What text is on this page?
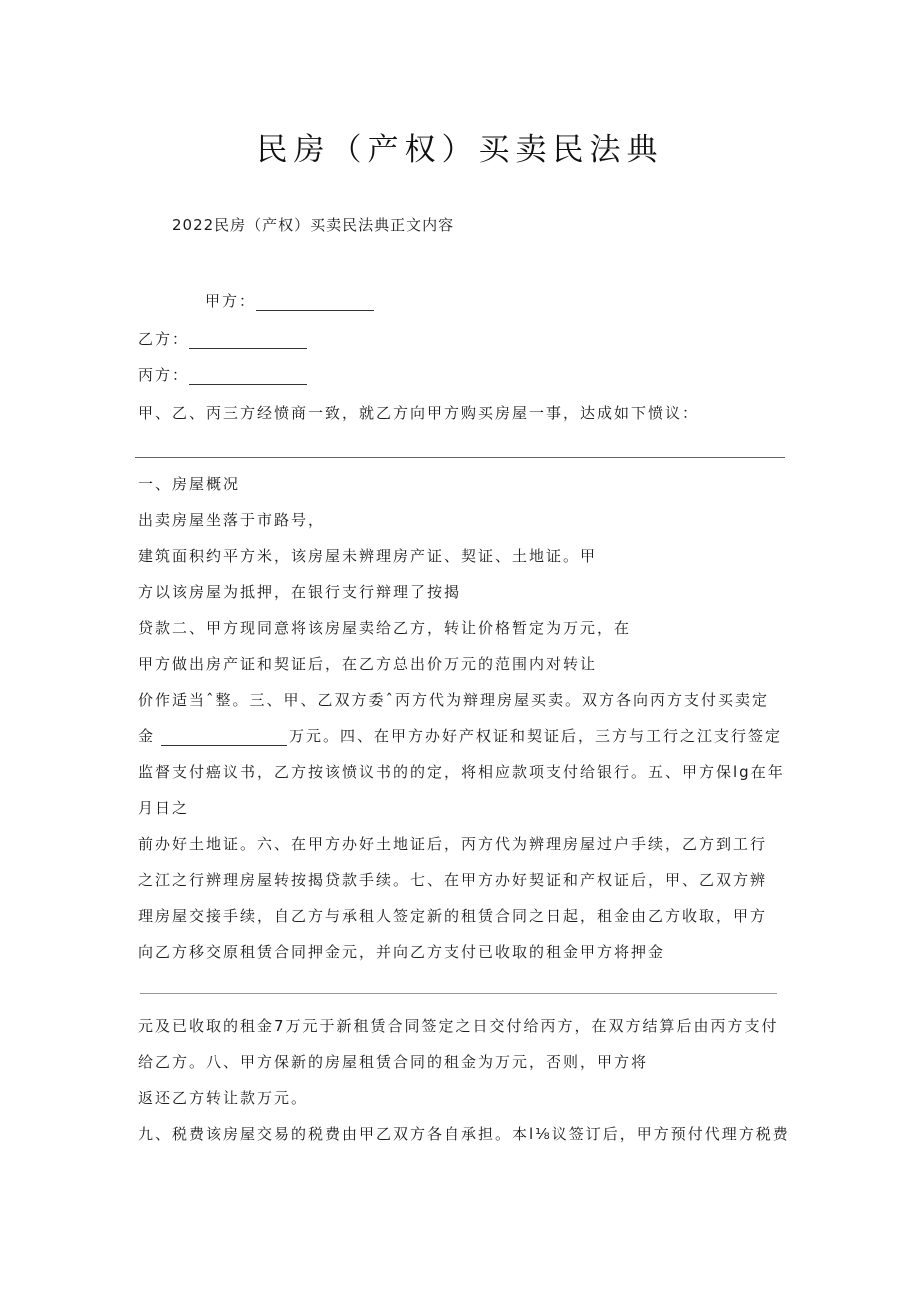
民房（产权）买卖民法典
2022民房（产权）买卖民法典正文内容
甲方：
乙方：
丙方：
甲、乙、丙三方经愤商一致，就乙方向甲方购买房屋一事，达成如下愤议：
一、房屋概况
出卖房屋坐落于市路号，
建筑面积约平方米，该房屋未辨理房产证、契证、土地证。甲
方以该房屋为抵押，在银行支行辩理了按揭
贷款二、甲方现同意将该房屋卖给乙方，转让价格暂定为万元，在
甲方做出房产证和契证后，在乙方总出价万元的范围内对转让
价作适当ˆ整。三、甲、乙双方委ˆ丙方代为辩理房屋买卖。双方各向丙方支付买卖定
金	万元。四、在甲方办好产权证和契证后，三方与工行之江支行签定
监督支付癌议书，乙方按该愤议书的的定，将相应款项支付给银行。五、甲方保lg在年
月日之
前办好土地证。六、在甲方办好土地证后，丙方代为辨理房屋过户手续，乙方到工行
之江之行辨理房屋转按揭贷款手续。七、在甲方办好契证和产权证后，甲、乙双方辨
理房屋交接手续，自乙方与承租人签定新的租赁合同之日起，租金由乙方收取，甲方
向乙方移交原租赁合同押金元，并向乙方支付已收取的租金甲方将押金
元及已收取的租金7万元于新租赁合同签定之日交付给丙方，在双方结算后由丙方支付
给乙方。八、甲方保新的房屋租赁合同的租金为万元，否则，甲方将
返还乙方转让款万元。
九、税费该房屋交易的税费由甲乙双方各自承担。本l⅛议签订后，甲方预付代理方税费
